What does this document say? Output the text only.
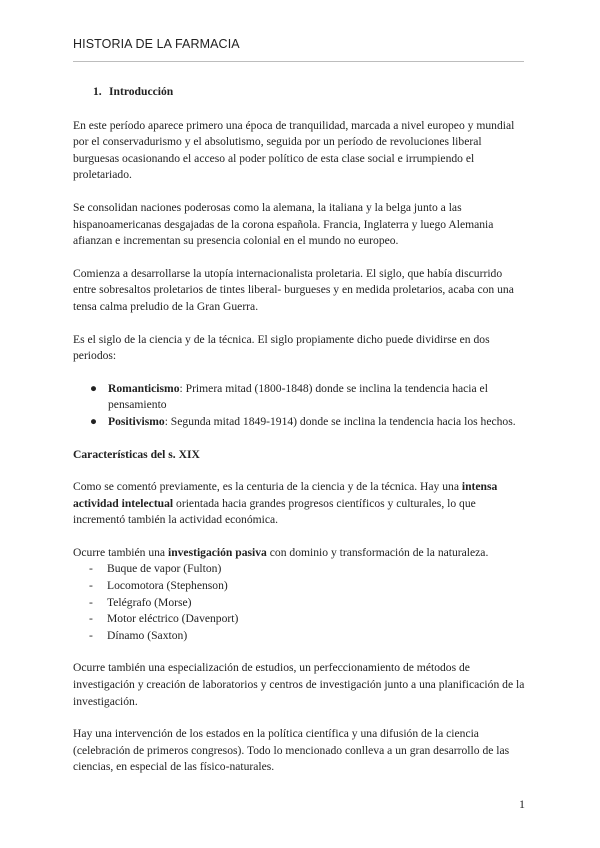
HISTORIA DE LA FARMACIA

1. Introducción

En este período aparece primero una época de tranquilidad, marcada a nivel europeo y mundial por el conservadurismo y el absolutismo, seguida por un período de revoluciones liberal burguesas ocasionando el acceso al poder político de esta clase social e irrumpiendo el proletariado.

Se consolidan naciones poderosas como la alemana, la italiana y la belga junto a las hispanoamericanas desgajadas de la corona española. Francia, Inglaterra y luego Alemania afianzan e incrementan su presencia colonial en el mundo no europeo.

Comienza a desarrollarse la utopía internacionalista proletaria. El siglo, que había discurrido entre sobresaltos proletarios de tintes liberal- burgueses y en medida proletarios, acaba con una tensa calma preludio de la Gran Guerra.

Es el siglo de la ciencia y de la técnica. El siglo propiamente dicho puede dividirse en dos periodos:

● Romanticismo: Primera mitad (1800-1848) donde se inclina la tendencia hacia el pensamiento
● Positivismo: Segunda mitad 1849-1914) donde se inclina la tendencia hacia los hechos.

Características del s. XIX

Como se comentó previamente, es la centuria de la ciencia y de la técnica. Hay una intensa actividad intelectual orientada hacia grandes progresos científicos y culturales, lo que incrementó también la actividad económica.

Ocurre también una investigación pasiva con dominio y transformación de la naturaleza.

- Buque de vapor (Fulton)
- Locomotora (Stephenson)
- Telégrafo (Morse)
- Motor eléctrico (Davenport)
- Dínamo (Saxton)

Ocurre también una especialización de estudios, un perfeccionamiento de métodos de investigación y creación de laboratorios y centros de investigación junto a una planificación de la investigación.

Hay una intervención de los estados en la política científica y una difusión de la ciencia (celebración de primeros congresos). Todo lo mencionado conlleva a un gran desarrollo de las ciencias, en especial de las físico-naturales.

1
